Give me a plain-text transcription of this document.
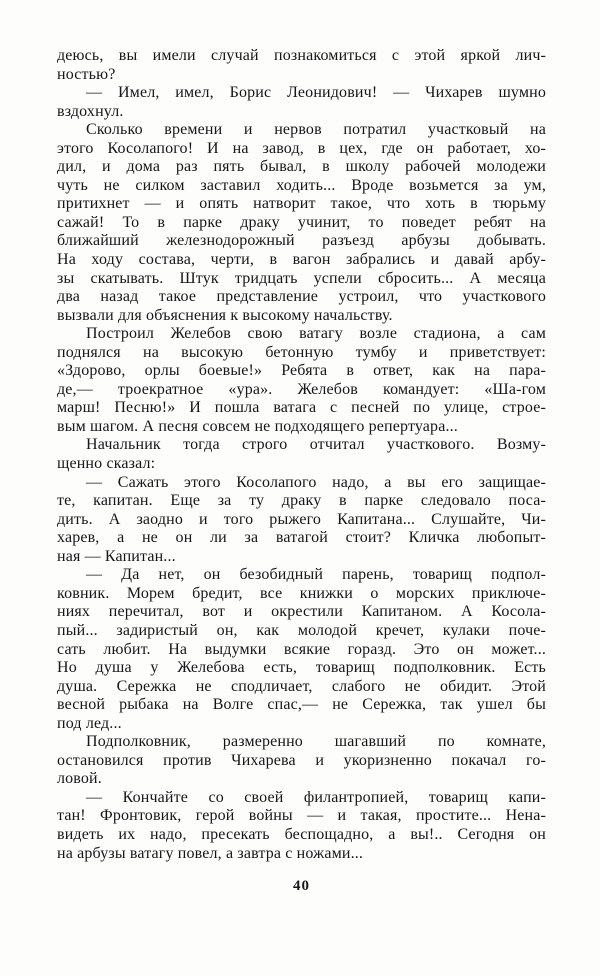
деюсь, вы имели случай познакомиться с этой яркой лич-
ностью?
— Имел, имел, Борис Леонидович! — Чихарев шумно
вздохнул.
Сколько времени и нервов потратил участковый на
этого Косолапого! И на завод, в цех, где он работает, хо-
дил, и дома раз пять бывал, в школу рабочей молодежи
чуть не силком заставил ходить... Вроде возьмется за ум,
притихнет — и опять натворит такое, что хоть в тюрьму
сажай! То в парке драку учинит, то поведет ребят на
ближайший железнодорожный разъезд арбузы добывать.
На ходу состава, черти, в вагон забрались и давай арбу-
зы скатывать. Штук тридцать успели сбросить... А месяца
два назад такое представление устроил, что участкового
вызвали для объяснения к высокому начальству.
Построил Желебов свою ватагу возле стадиона, а сам
поднялся на высокую бетонную тумбу и приветствует:
«Здорово, орлы боевые!» Ребята в ответ, как на пара-
де,— троекратное «ура». Желебов командует: «Ша-гом
марш! Песню!» И пошла ватага с песней по улице, строе-
вым шагом. А песня совсем не подходящего репертуара...
Начальник тогда строго отчитал участкового. Возму-
щенно сказал:
— Сажать этого Косолапого надо, а вы его защищае-
те, капитан. Еще за ту драку в парке следовало поса-
дить. А заодно и того рыжего Капитана... Слушайте, Чи-
харев, а не он ли за ватагой стоит? Кличка любопыт-
ная — Капитан...
— Да нет, он безобидный парень, товарищ подпол-
ковник. Морем бредит, все книжки о морских приключе-
ниях перечитал, вот и окрестили Капитаном. А Косола-
пый... задиристый он, как молодой кречет, кулаки поче-
сать любит. На выдумки всякие горазд. Это он может...
Но душа у Желебова есть, товарищ подполковник. Есть
душа. Сережка не сподличает, слабого не обидит. Этой
весной рыбака на Волге спас,— не Сережка, так ушел бы
под лед...
Подполковник, размеренно шагавший по комнате,
остановился против Чихарева и укоризненно покачал го-
ловой.
— Кончайте со своей филантропией, товарищ капи-
тан! Фронтовик, герой войны — и такая, простите... Нена-
видеть их надо, пресекать беспощадно, а вы!.. Сегодня он
на арбузы ватагу повел, а завтра с ножами...
40
